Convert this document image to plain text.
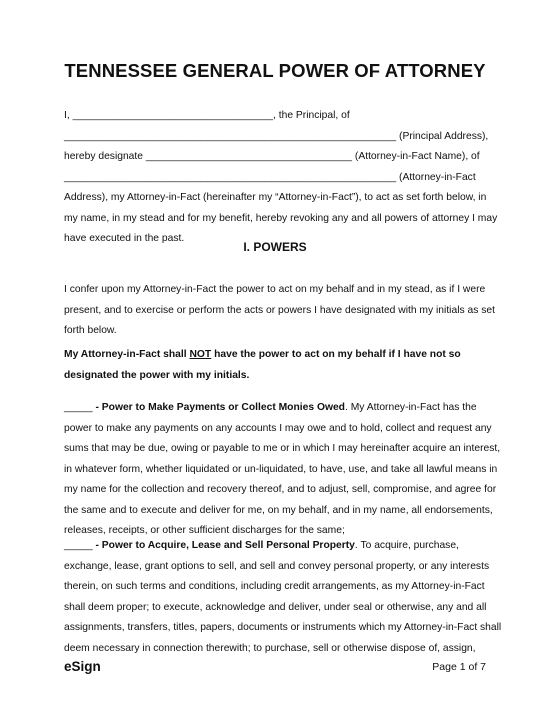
TENNESSEE GENERAL POWER OF ATTORNEY
I, ___________________________________, the Principal, of
__________________________________________________________ (Principal Address),
hereby designate ____________________________________ (Attorney-in-Fact Name), of
__________________________________________________________ (Attorney-in-Fact
Address), my Attorney-in-Fact (hereinafter my “Attorney-in-Fact”), to act as set forth below, in
my name, in my stead and for my benefit, hereby revoking any and all powers of attorney I may
have executed in the past.
I. POWERS
I confer upon my Attorney-in-Fact the power to act on my behalf and in my stead, as if I were
present, and to exercise or perform the acts or powers I have designated with my initials as set
forth below.
My Attorney-in-Fact shall NOT have the power to act on my behalf if I have not so
designated the power with my initials.
_____ - Power to Make Payments or Collect Monies Owed. My Attorney-in-Fact has the
power to make any payments on any accounts I may owe and to hold, collect and request any
sums that may be due, owing or payable to me or in which I may hereinafter acquire an interest,
in whatever form, whether liquidated or un-liquidated, to have, use, and take all lawful means in
my name for the collection and recovery thereof, and to adjust, sell, compromise, and agree for
the same and to execute and deliver for me, on my behalf, and in my name, all endorsements,
releases, receipts, or other sufficient discharges for the same;
_____ - Power to Acquire, Lease and Sell Personal Property. To acquire, purchase,
exchange, lease, grant options to sell, and sell and convey personal property, or any interests
therein, on such terms and conditions, including credit arrangements, as my Attorney-in-Fact
shall deem proper; to execute, acknowledge and deliver, under seal or otherwise, any and all
assignments, transfers, titles, papers, documents or instruments which my Attorney-in-Fact shall
deem necessary in connection therewith; to purchase, sell or otherwise dispose of, assign,
eSign	Page 1 of 7
